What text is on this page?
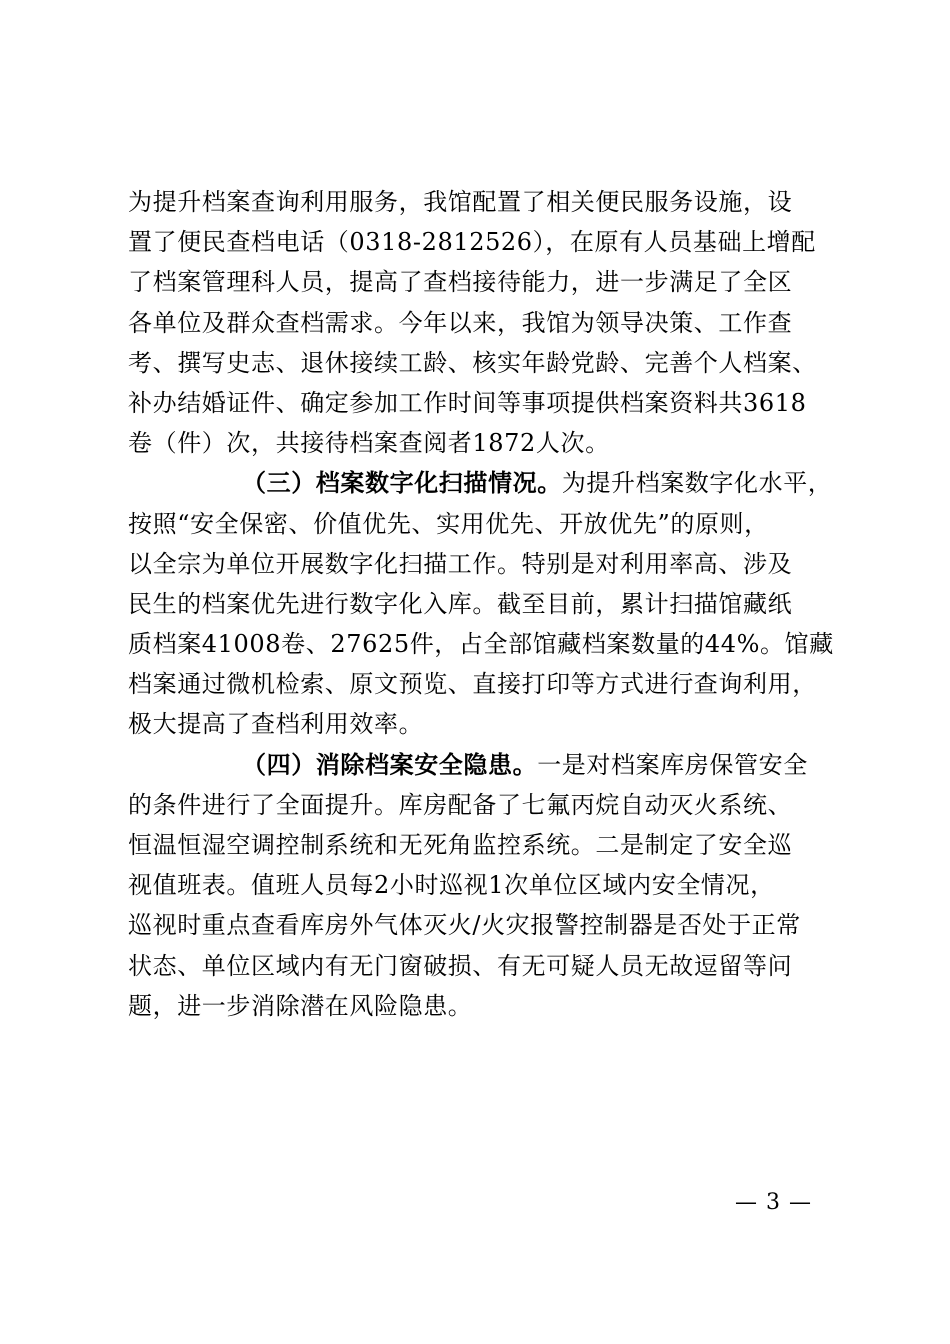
为提升档案查询利用服务，我馆配置了相关便民服务设施，设
置了便民查档电话（0318-2812526），在原有人员基础上增配
了档案管理科人员，提高了查档接待能力，进一步满足了全区
各单位及群众查档需求。今年以来，我馆为领导决策、工作查
考、撰写史志、退休接续工龄、核实年龄党龄、完善个人档案、
补办结婚证件、确定参加工作时间等事项提供档案资料共3618
卷（件）次，共接待档案查阅者1872人次。

（三）档案数字化扫描情况。为提升档案数字化水平，
按照“安全保密、价值优先、实用优先、开放优先”的原则，
以全宗为单位开展数字化扫描工作。特别是对利用率高、涉及
民生的档案优先进行数字化入库。截至目前，累计扫描馆藏纸
质档案41008卷、27625件，占全部馆藏档案数量的44%。馆藏
档案通过微机检索、原文预览、直接打印等方式进行查询利用，
极大提高了查档利用效率。

（四）消除档案安全隐患。一是对档案库房保管安全
的条件进行了全面提升。库房配备了七氟丙烷自动灭火系统、
恒温恒湿空调控制系统和无死角监控系统。二是制定了安全巡
视值班表。值班人员每2小时巡视1次单位区域内安全情况，
巡视时重点查看库房外气体灭火/火灾报警控制器是否处于正常
状态、单位区域内有无门窗破损、有无可疑人员无故逗留等问
题，进一步消除潜在风险隐患。

— 3 —
